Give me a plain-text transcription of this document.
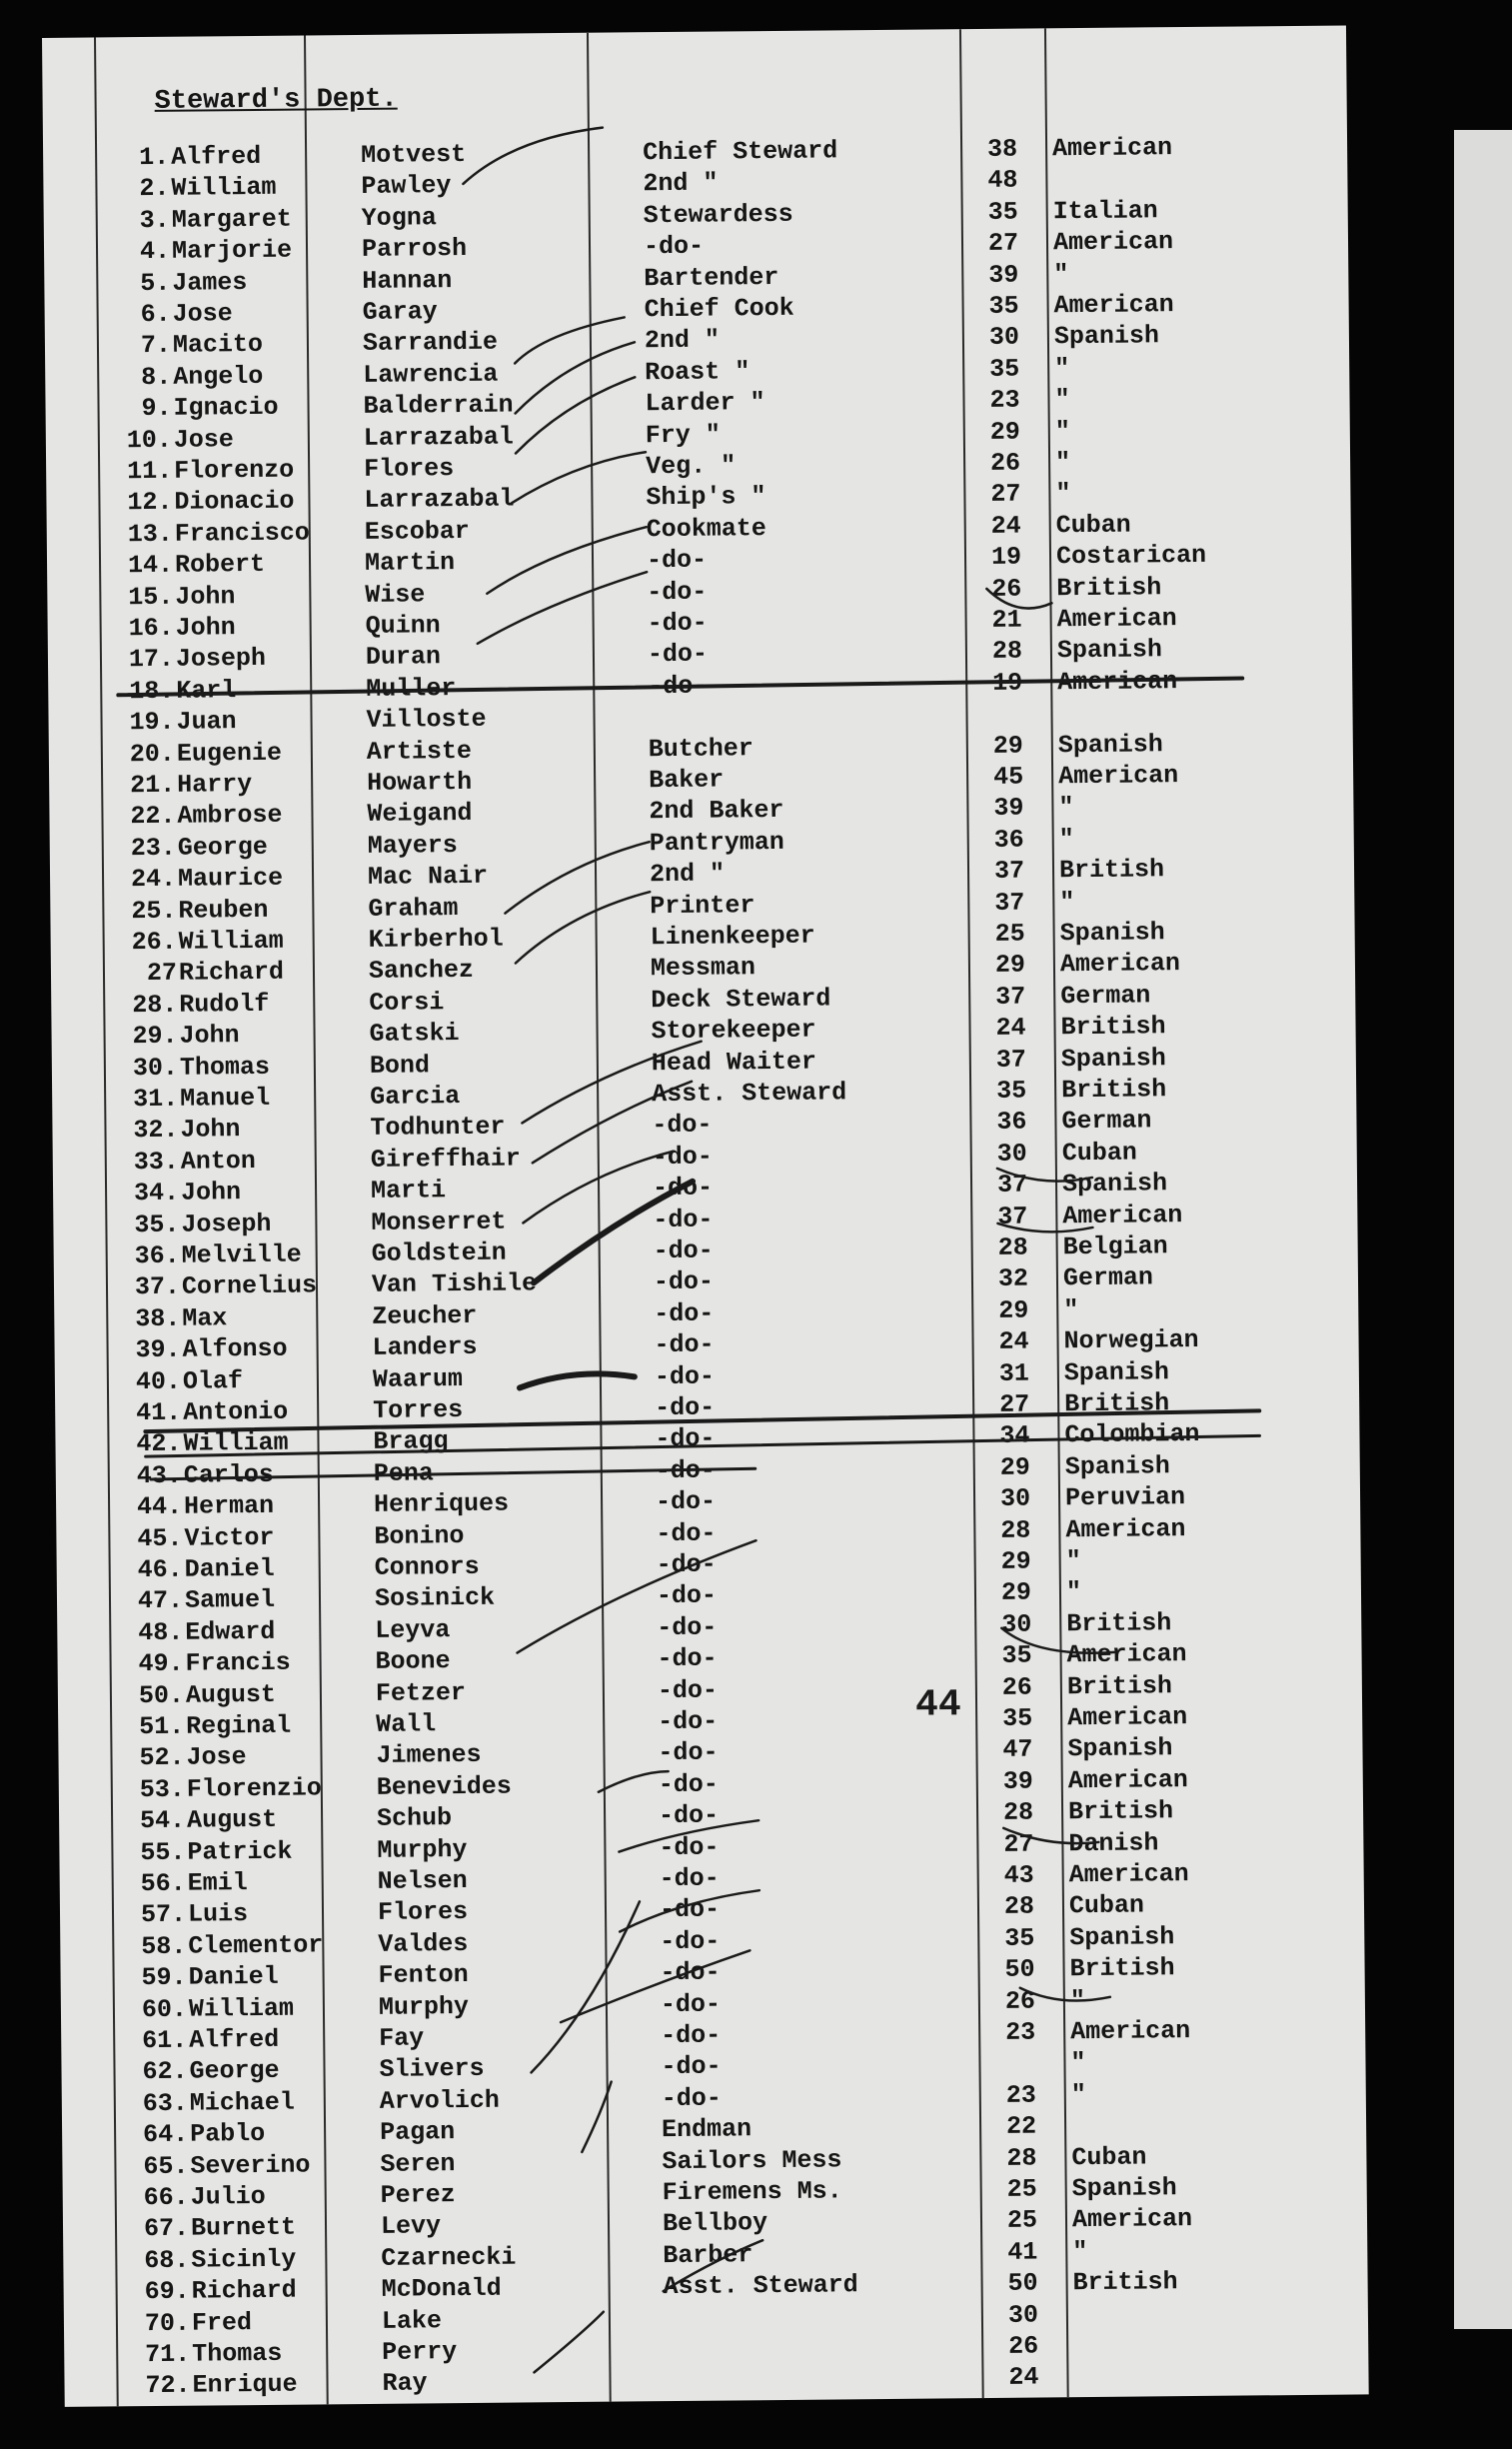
Steward's Dept.
1. Alfred	Motvest	Chief Steward	38	American
2. William	Pawley	2nd "	48
3. Margaret	Yogna	Stewardess	35	Italian
4. Marjorie	Parrosh	-do-	27	American
5. James	Hannan	Bartender	39	"
6. Jose	Garay	Chief Cook	35	American
7. Macito	Sarrandie	2nd "	30	Spanish
8. Angelo	Lawrencia	Roast "	35	"
9. Ignacio	Balderrain	Larder "	23	"
10. Jose	Larrazabal	Fry "	29	"
11. Florenzo	Flores	Veg. "	26	"
12. Dionacio	Larrazabal	Ship's "	27	"
13. Francisco Escobar	Cookmate	24	Cuban
14. Robert	Martin	-do-	19	Costarican
15. John	Wise	-do-	26	British
16. John	Quinn	-do-	21	American
17. Joseph	Duran	-do-	28	Spanish
18. Karl	Muller	-do-	19	American
19. Juan	Villoste
20. Eugenie	Artiste	Butcher	29	Spanish
21. Harry	Howarth	Baker	45	American
22. Ambrose	Weigand	2nd Baker	39	"
23. George	Mayers	Pantryman	36	"
24. Maurice	Mac Nair	2nd "	37	British
25. Reuben	Graham	Printer	37	"
26. William	Kirberhol	Linenkeeper	25	Spanish
27 Richard	Sanchez	Messman	29	American
28. Rudolf	Corsi	Deck Steward	37	German
29. John	Gatski	Storekeeper	24	British
30. Thomas	Bond	Head Waiter	37	Spanish
31. Manuel	Garcia	Asst. Steward	35	British
32. John	Todhunter	-do-	36	German
33. Anton	Gireffhair	-do-	30	Cuban
34. John	Marti	-do-	37	Spanish
35. Joseph	Monserret	-do-	37	American
36. Melville	Goldstein	-do-	28	Belgian
37. Cornelius Van Tishile	-do-	32	German
38. Max	Zeucher	-do-	29	"
39. Alfonso	Landers	-do-	24	Norwegian
40. Olaf	Waarum	-do-	31	Spanish
41. Antonio	Torres	-do-	27	British
42. William	Bragg	-do-	34	Colombian
43. Carlos	Pena	-do-	29	Spanish
44. Herman	Henriques	-do-	30	Peruvian
45. Victor	Bonino	-do-	28	American
46. Daniel	Connors	-do-	29	"
47. Samuel	Sosinick	-do-	29	"
48. Edward	Leyva	-do-	30	British
49. Francis	Boone	-do-	35	American
50. August	Fetzer	-do-	26	British
51. Reginal	Wall	-do-	35	American
52. Jose	Jimenes	-do-	47	Spanish
53. Florenzio Benevides	-do-	39	American
54. August	Schub	-do-	28	British
55. Patrick	Murphy	-do-	27	Danish
56. Emil	Nelsen	-do-	43	American
57. Luis	Flores	-do-	28	Cuban
58. Clementor Valdes	-do-	35	Spanish
59. Daniel	Fenton	-do-	50	British
60. William	Murphy	-do-	26	"
61. Alfred	Fay	-do-	23	American
62. George	Slivers	-do-	"
63. Michael	Arvolich	-do-	23	"
64. Pablo	Pagan	Endman	22
65. Severino	Seren	Sailors Mess	28	Cuban
66. Julio	Perez	Firemens Ms.	25	Spanish
67. Burnett	Levy	Bellboy	25	American
68. Sicinly	Czarnecki	Barber	41	"
69. Richard	McDonald	Asst. Steward	50	British
70. Fred	Lake	30
71. Thomas	Perry	26
72. Enrique	Ray	24
44
